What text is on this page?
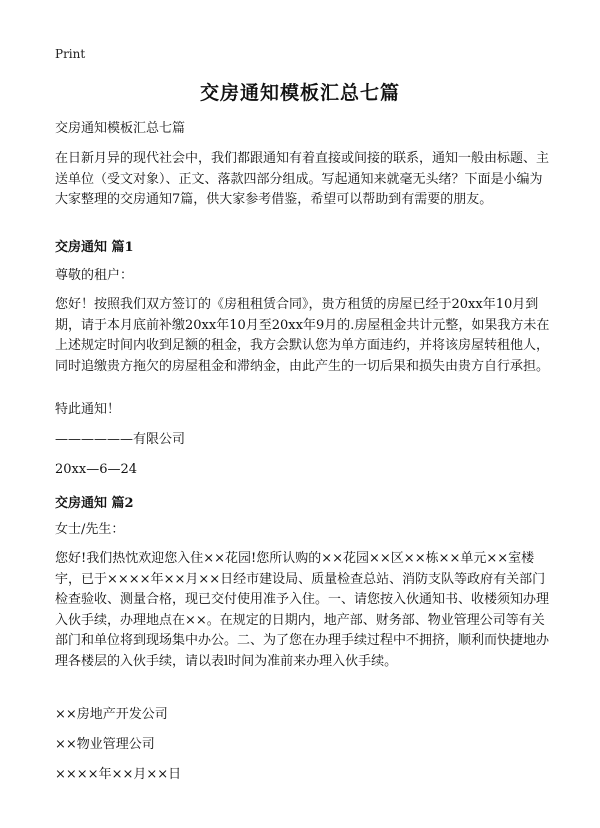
Print
交房通知模板汇总七篇

交房通知模板汇总七篇

在日新月异的现代社会中，我们都跟通知有着直接或间接的联系，通知一般由标题、主送单位（受文对象）、正文、落款四部分组成。写起通知来就毫无头绪？下面是小编为大家整理的交房通知7篇，供大家参考借鉴，希望可以帮助到有需要的朋友。

交房通知 篇1

尊敬的租户：

您好！按照我们双方签订的《房租租赁合同》，贵方租赁的房屋已经于20xx年10月到期，请于本月底前补缴20xx年10月至20xx年9月的.房屋租金共计元整，如果我方未在上述规定时间内收到足额的租金，我方会默认您为单方面违约，并将该房屋转租他人，同时追缴贵方拖欠的房屋租金和滞纳金，由此产生的一切后果和损失由贵方自行承担。

特此通知！

——————有限公司

20xx—6—24

交房通知 篇2

女士/先生：

您好!我们热忱欢迎您入住××花园!您所认购的××花园××区××栋××单元××室楼宇，已于××××年××月××日经市建设局、质量检查总站、消防支队等政府有关部门检查验收、测量合格，现已交付使用准予入住。一、请您按入伙通知书、收楼须知办理入伙手续，办理地点在××。在规定的日期内，地产部、财务部、物业管理公司等有关部门和单位将到现场集中办公。二、为了您在办理手续过程中不拥挤，顺利而快捷地办理各楼层的入伙手续，请以表l时间为准前来办理入伙手续。

××房地产开发公司

××物业管理公司

××××年××月××日
